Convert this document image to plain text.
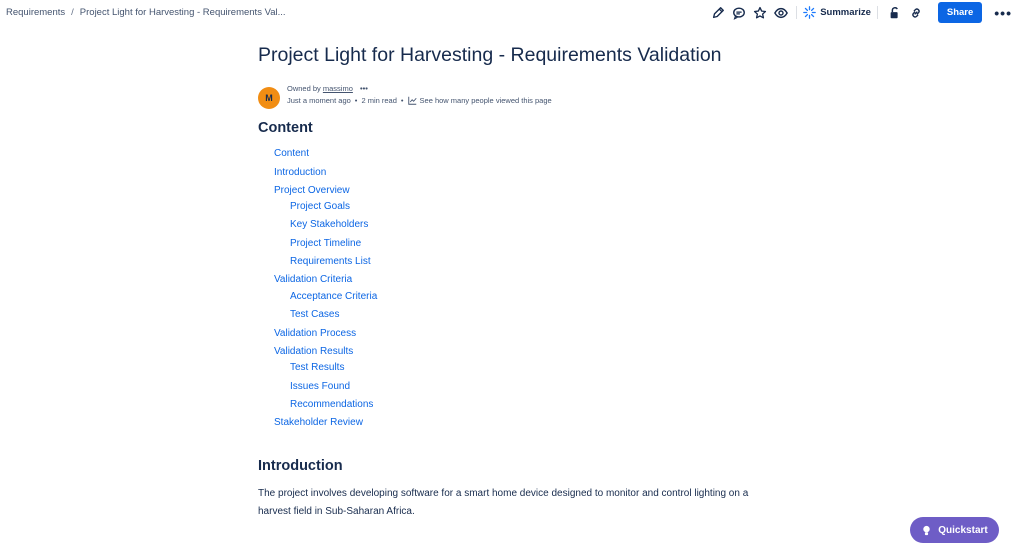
Requirements / Project Light for Harvesting - Requirements Val...	Summarize	Share	•••
Project Light for Harvesting - Requirements Validation
M
Owned by massimo •••
Just a moment ago • 2 min read • See how many people viewed this page
Content
Content
Introduction
Project Overview
Project Goals
Key Stakeholders
Project Timeline
Requirements List
Validation Criteria
Acceptance Criteria
Test Cases
Validation Process
Validation Results
Test Results
Issues Found
Recommendations
Stakeholder Review
Introduction
The project involves developing software for a smart home device designed to monitor and control lighting on a harvest field in Sub-Saharan Africa.
Quickstart
